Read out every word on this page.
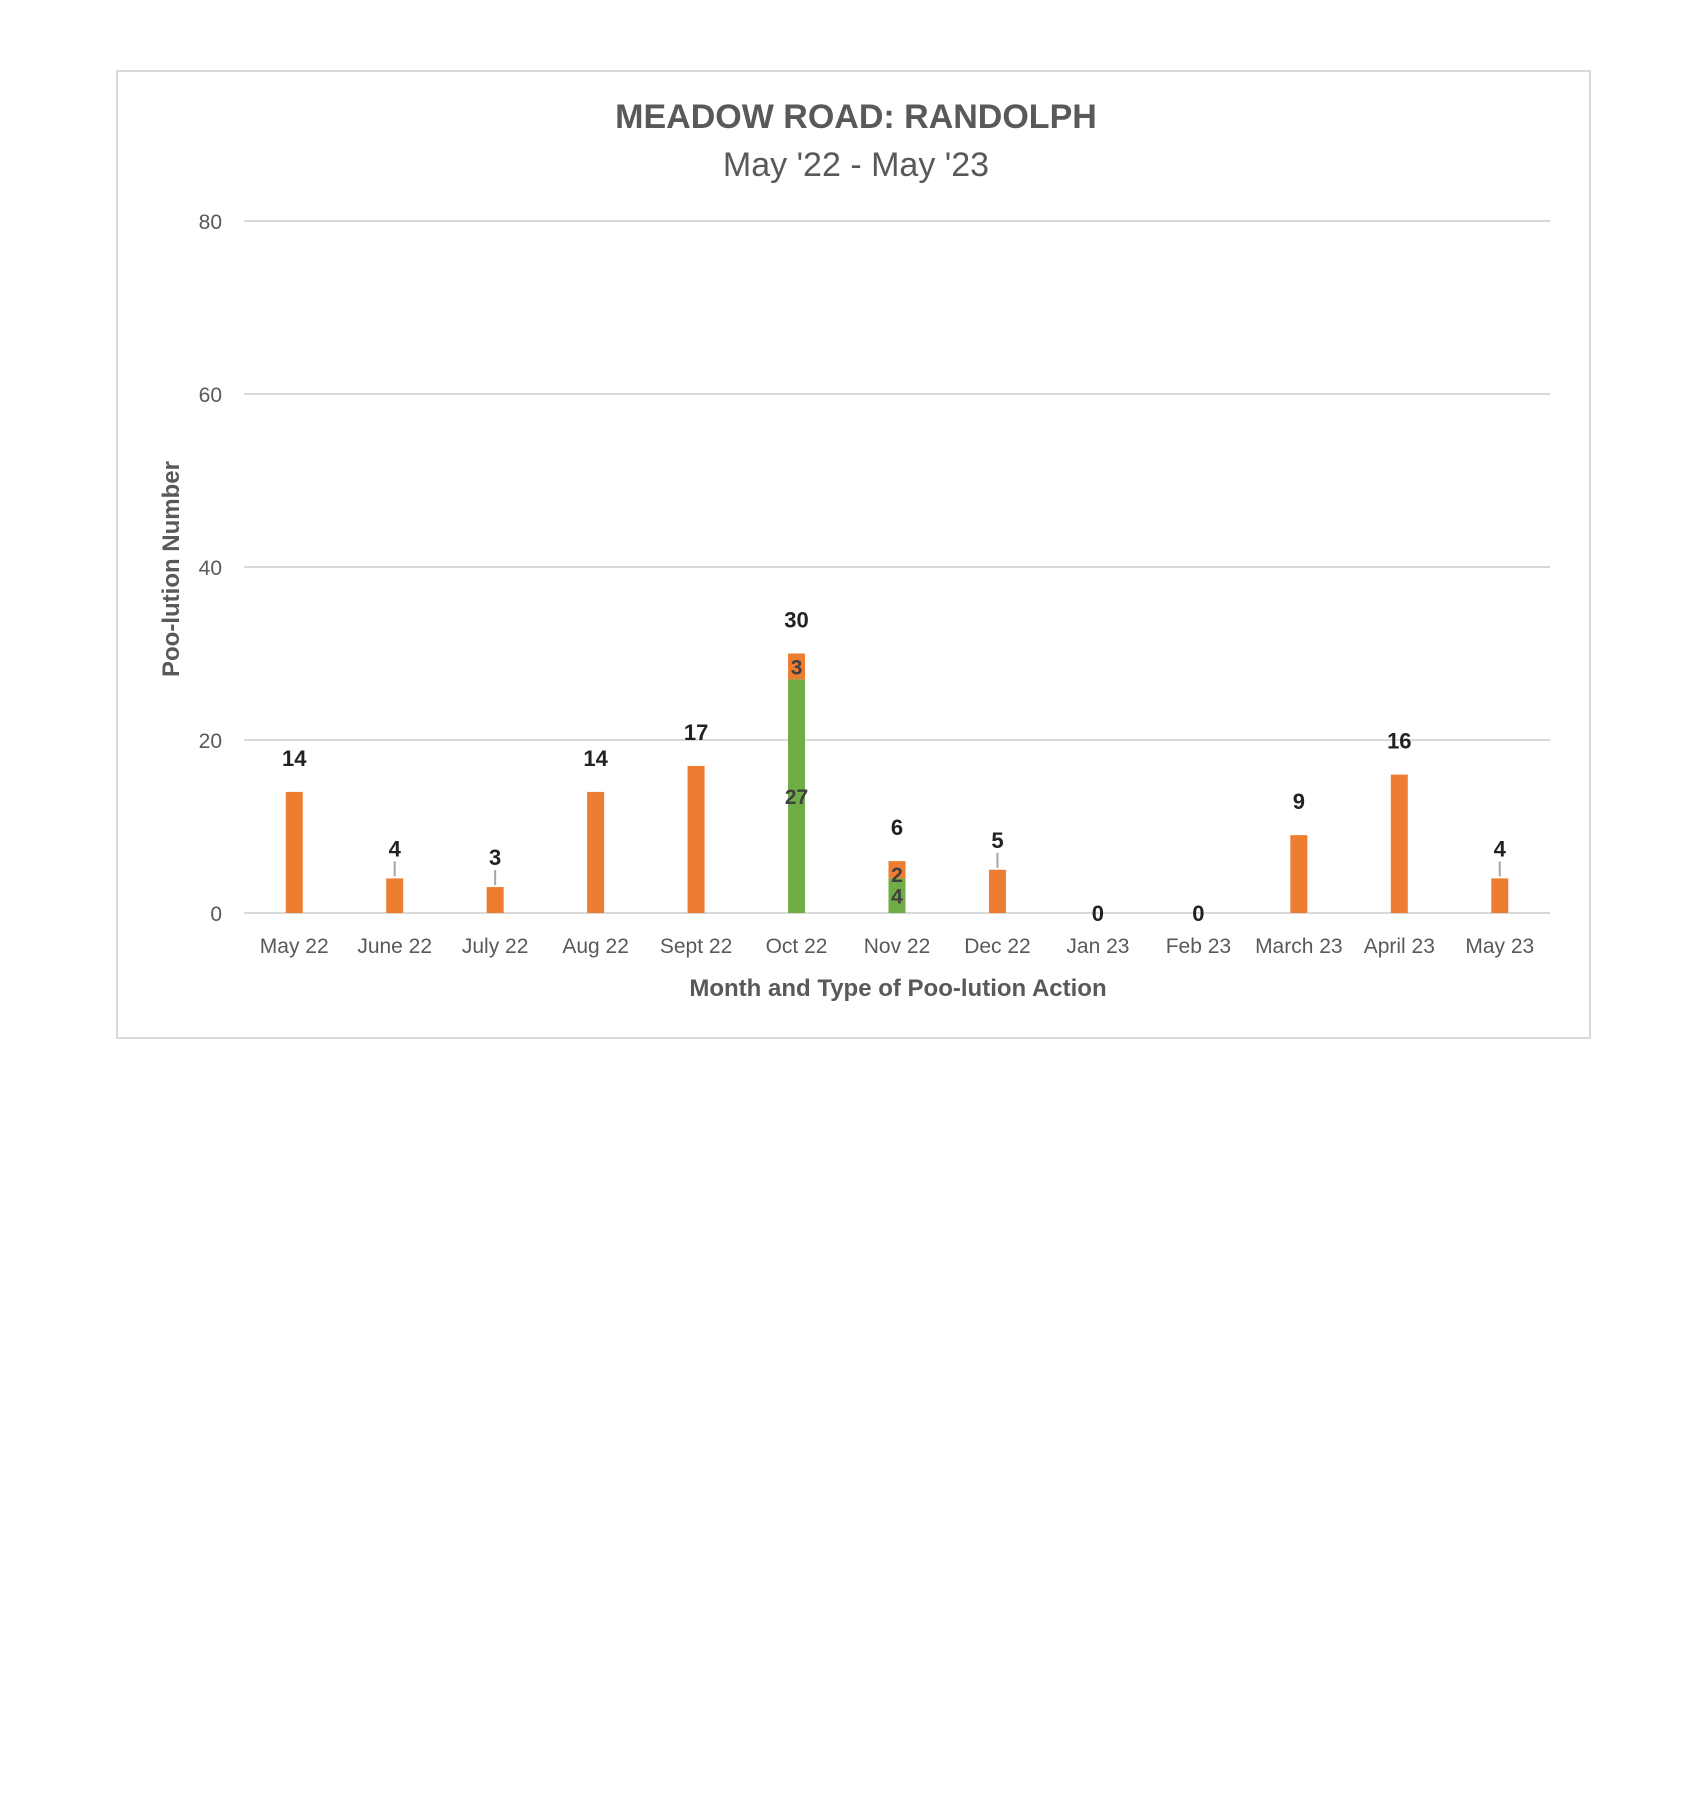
MEADOW ROAD: RANDOLPH
May '22 - May '23
0
20
40
60
80
14
4	3
14
17
27
3
30
4
2
6
5
0	0
9
16
4
May 22 June 22 July 22 Aug 22 Sept 22 Oct 22 Nov 22 Dec 22 Jan 23 Feb 23 March 23 April 23 May 23
Month and Type of Poo-lution Action
Poo-lution Number
